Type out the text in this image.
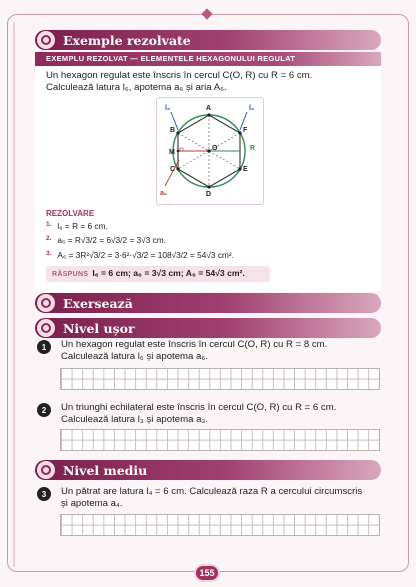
Exemple rezolvate
EXEMPLU REZOLVAT — ELEMENTELE HEXAGONULUI REGULAT
Un hexagon regulat este înscris în cercul C(O, R) cu R = 6 cm.
Calculează latura l₆, apotema a₆ și aria A₆.
A
B
C
D
E
F
M
O	R
l₆	l₆
a₆
REZOLVARE
$^{1.}$ l₆ = R = 6 cm.
$^{2.}$ a₆ = R√3/2 = 6√3/2 = 3√3 cm.
$^{3.}$ A₆ = 3R²√3/2 = 3·6²·√3/2 = 108√3/2 = 54√3 cm².
RĂSPUNS l₆ = 6 cm; a₆ = 3√3 cm; A₆ = 54√3 cm².
Exersează
Nivel ușor
1	Un hexagon regulat este înscris în cercul C(O, R) cu R = 8 cm.
Calculează latura l₆ și apotema a₆.
2	Un triunghi echilateral este înscris în cercul C(O, R) cu R = 6 cm.
Calculează latura l₃ și apotema a₃.
Nivel mediu
3	Un pătrat are latura l₄ = 6 cm. Calculează raza R a cercului circumscris
și apotema a₄.
155
